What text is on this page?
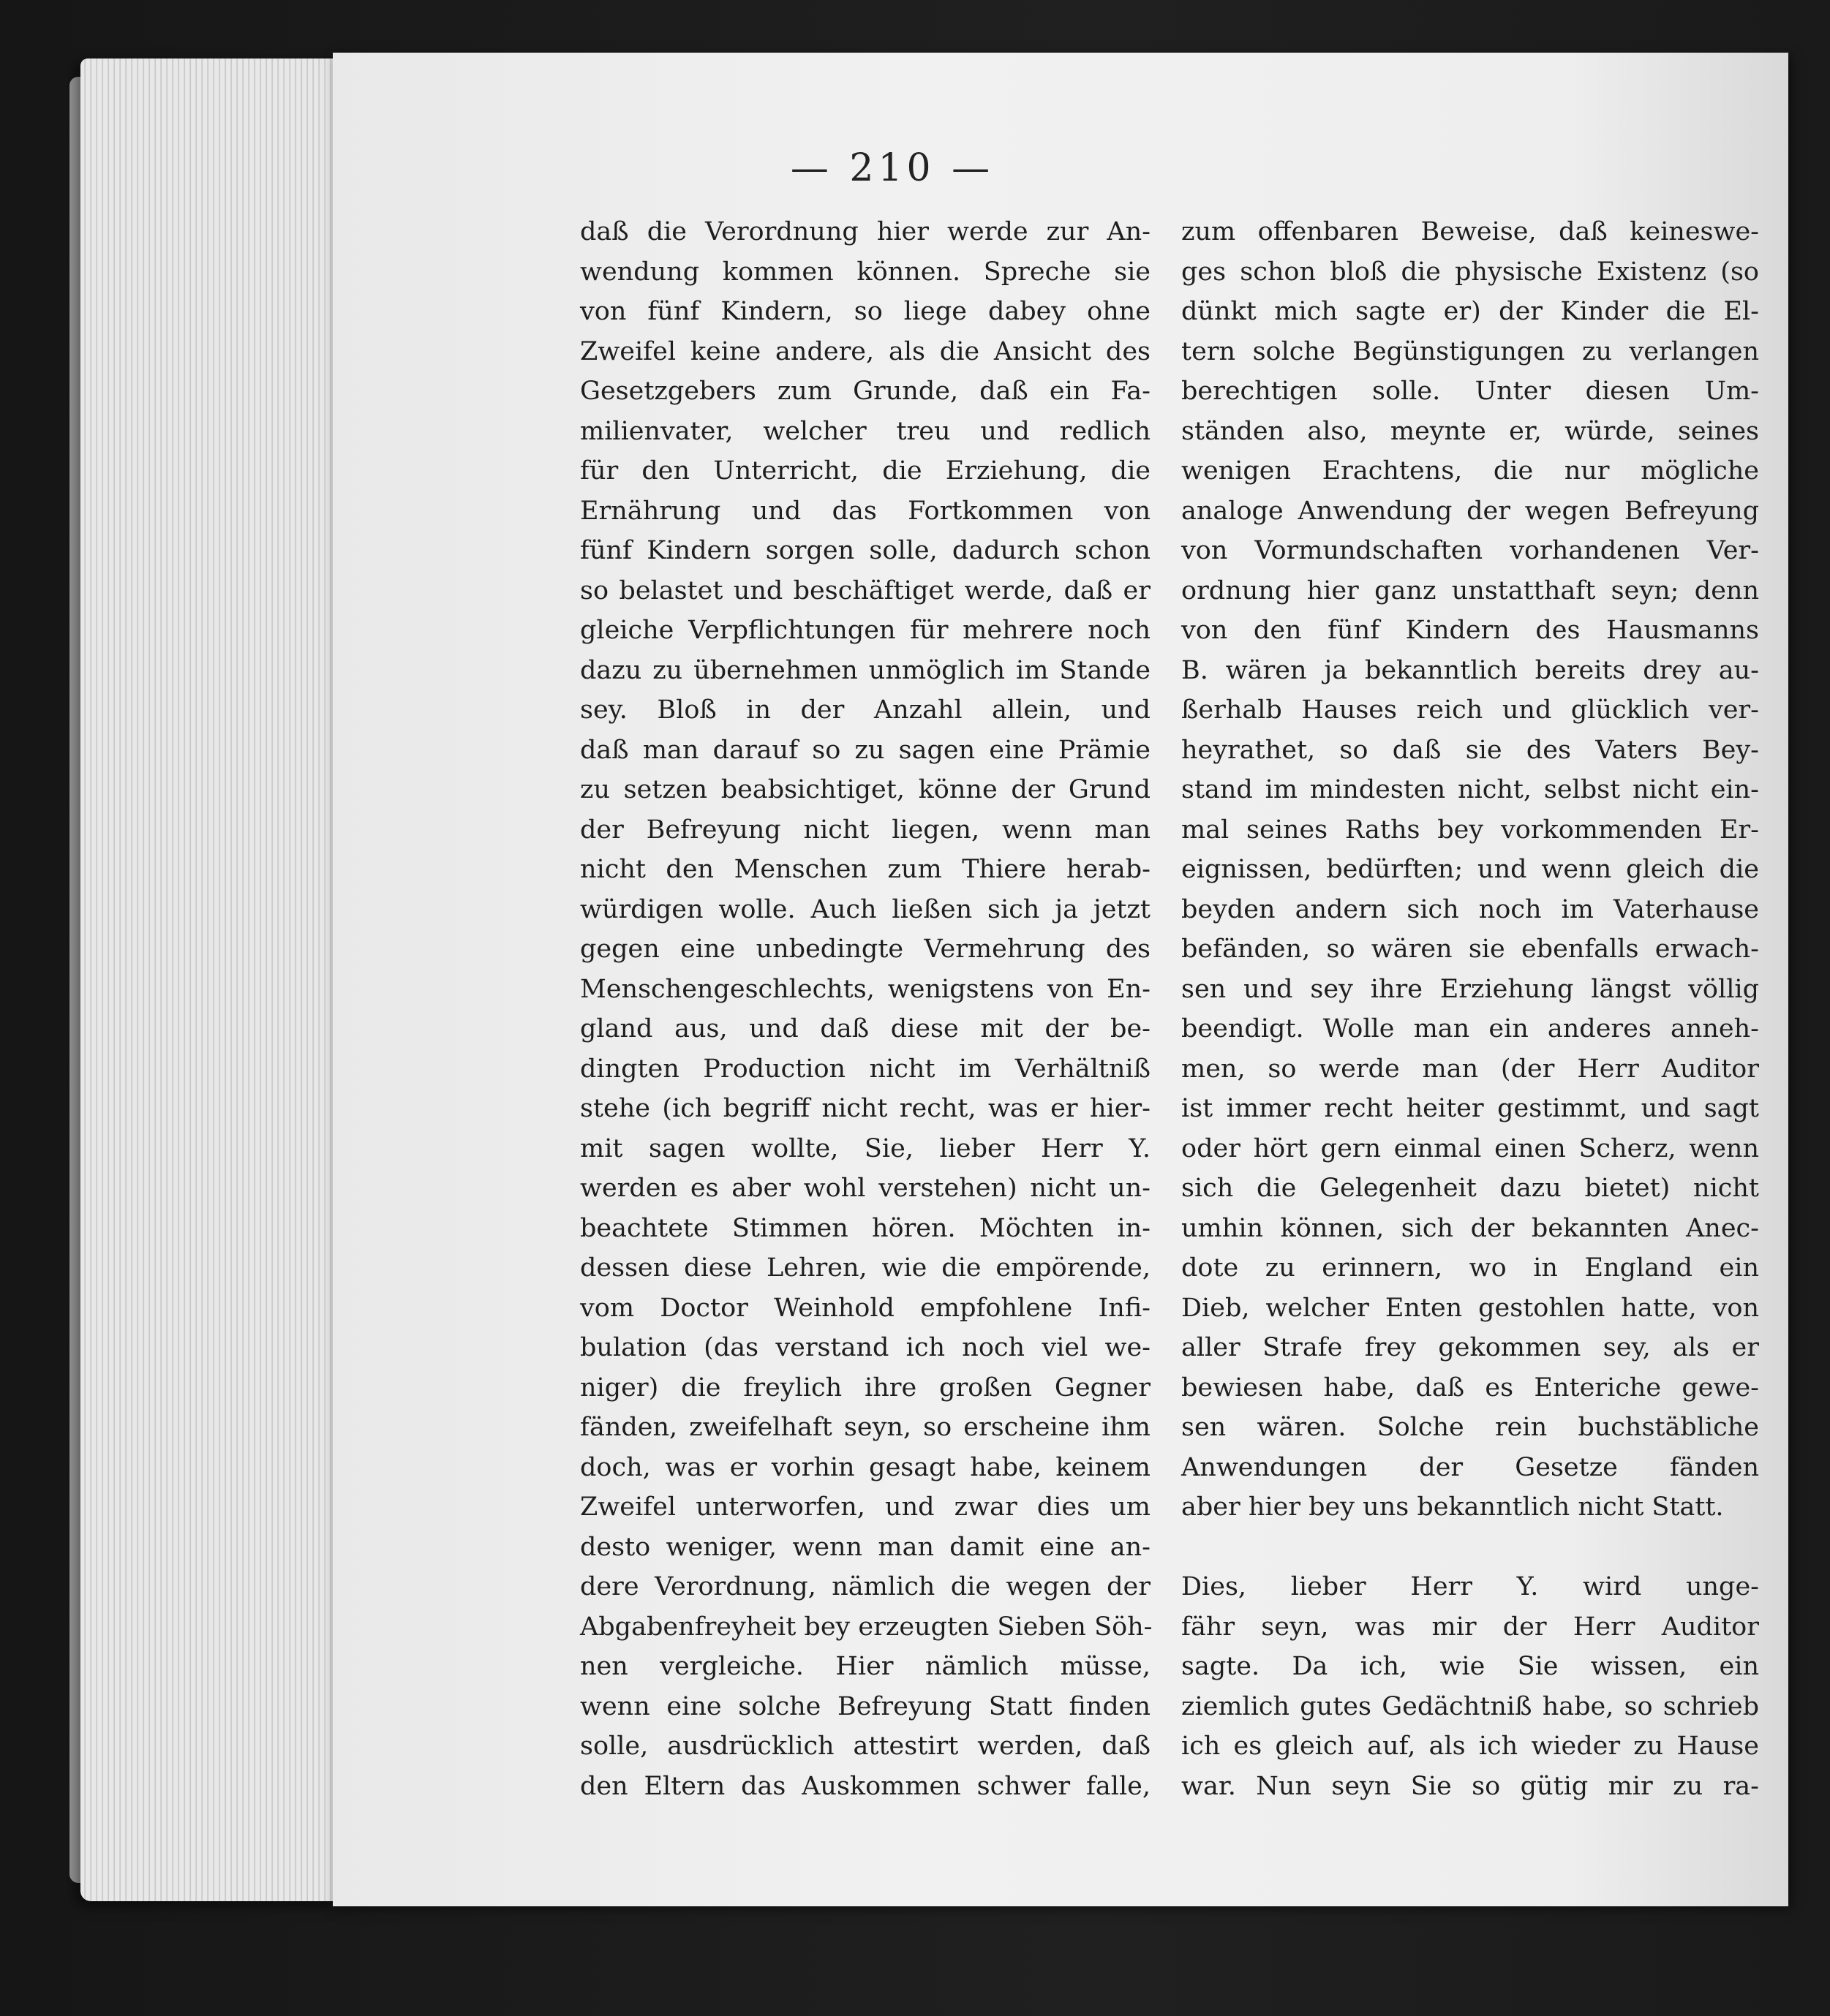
— 210 —
daß die Verordnung hier werde zur An-
wendung kommen können. Spreche sie
von fünf Kindern, so liege dabey ohne
Zweifel keine andere, als die Ansicht des
Gesetzgebers zum Grunde, daß ein Fa-
milienvater, welcher treu und redlich
für den Unterricht, die Erziehung, die
Ernährung und das Fortkommen von
fünf Kindern sorgen solle, dadurch schon
so belastet und beschäftiget werde, daß er
gleiche Verpflichtungen für mehrere noch
dazu zu übernehmen unmöglich im Stande
sey. Bloß in der Anzahl allein, und
daß man darauf so zu sagen eine Prämie
zu setzen beabsichtiget, könne der Grund
der Befreyung nicht liegen, wenn man
nicht den Menschen zum Thiere herab-
würdigen wolle. Auch ließen sich ja jetzt
gegen eine unbedingte Vermehrung des
Menschengeschlechts, wenigstens von En-
gland aus, und daß diese mit der be-
dingten Production nicht im Verhältniß
stehe (ich begriff nicht recht, was er hier-
mit sagen wollte, Sie, lieber Herr Y.
werden es aber wohl verstehen) nicht un-
beachtete Stimmen hören. Möchten in-
dessen diese Lehren, wie die empörende,
vom Doctor Weinhold empfohlene Infi-
bulation (das verstand ich noch viel we-
niger) die freylich ihre großen Gegner
fänden, zweifelhaft seyn, so erscheine ihm
doch, was er vorhin gesagt habe, keinem
Zweifel unterworfen, und zwar dies um
desto weniger, wenn man damit eine an-
dere Verordnung, nämlich die wegen der
Abgabenfreyheit bey erzeugten Sieben Söh-
nen vergleiche. Hier nämlich müsse,
wenn eine solche Befreyung Statt finden
solle, ausdrücklich attestirt werden, daß
den Eltern das Auskommen schwer falle,
zum offenbaren Beweise, daß keineswe-
ges schon bloß die physische Existenz (so
dünkt mich sagte er) der Kinder die El-
tern solche Begünstigungen zu verlangen
berechtigen solle. Unter diesen Um-
ständen also, meynte er, würde, seines
wenigen Erachtens, die nur mögliche
analoge Anwendung der wegen Befreyung
von Vormundschaften vorhandenen Ver-
ordnung hier ganz unstatthaft seyn; denn
von den fünf Kindern des Hausmanns
B. wären ja bekanntlich bereits drey au-
ßerhalb Hauses reich und glücklich ver-
heyrathet, so daß sie des Vaters Bey-
stand im mindesten nicht, selbst nicht ein-
mal seines Raths bey vorkommenden Er-
eignissen, bedürften; und wenn gleich die
beyden andern sich noch im Vaterhause
befänden, so wären sie ebenfalls erwach-
sen und sey ihre Erziehung längst völlig
beendigt. Wolle man ein anderes anneh-
men, so werde man (der Herr Auditor
ist immer recht heiter gestimmt, und sagt
oder hört gern einmal einen Scherz, wenn
sich die Gelegenheit dazu bietet) nicht
umhin können, sich der bekannten Anec-
dote zu erinnern, wo in England ein
Dieb, welcher Enten gestohlen hatte, von
aller Strafe frey gekommen sey, als er
bewiesen habe, daß es Enteriche gewe-
sen wären. Solche rein buchstäbliche
Anwendungen der Gesetze fänden
aber hier bey uns bekanntlich nicht Statt.
Dies, lieber Herr Y. wird unge-
fähr seyn, was mir der Herr Auditor
sagte. Da ich, wie Sie wissen, ein
ziemlich gutes Gedächtniß habe, so schrieb
ich es gleich auf, als ich wieder zu Hause
war. Nun seyn Sie so gütig mir zu ra-
